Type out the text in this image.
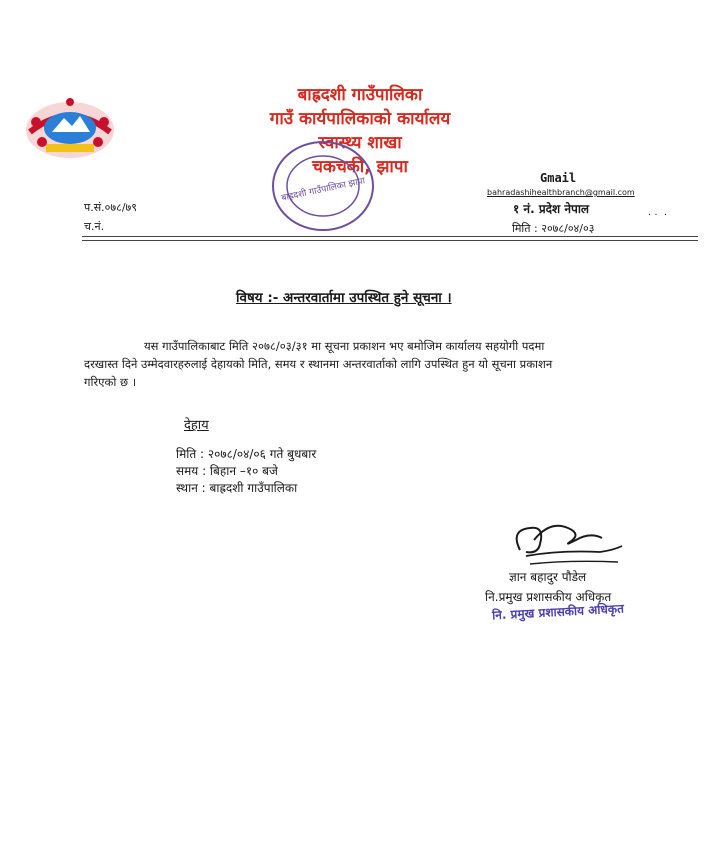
बाह्रदशी गाउँपालिका
गाउँ कार्यपालिकाको कार्यालय
स्वास्थ्य शाखा
चकचकी, झापा
बाह्रदशी गाउँपालिका झापा
प.सं.०७८/७९
च.नं.
Gmail
bahradashihealthbranch@gmail.com
१ नं. प्रदेश नेपाल
मिति : २०७८/०४/०३
· ·  ·
विषय :- अन्तरवार्तामा उपस्थित हुने सूचना ।
यस गाउँपालिकाबाट मिति २०७८/०३/३१ मा सूचना प्रकाशन भए बमोजिम कार्यालय सहयोगी पदमा
दरखास्त दिने उम्मेदवारहरुलाई देहायको मिति, समय र स्थानमा अन्तरवार्ताको लागि उपस्थित हुन यो सूचना प्रकाशन
गरिएको छ ।
देहाय
मिति : २०७८/०४/०६ गते बुधबार
समय : बिहान –१० बजे
स्थान : बाह्रदशी गाउँपालिका
ज्ञान बहादुर पौडेल
नि.प्रमुख प्रशासकीय अधिकृत
नि. प्रमुख प्रशासकीय अधिकृत
